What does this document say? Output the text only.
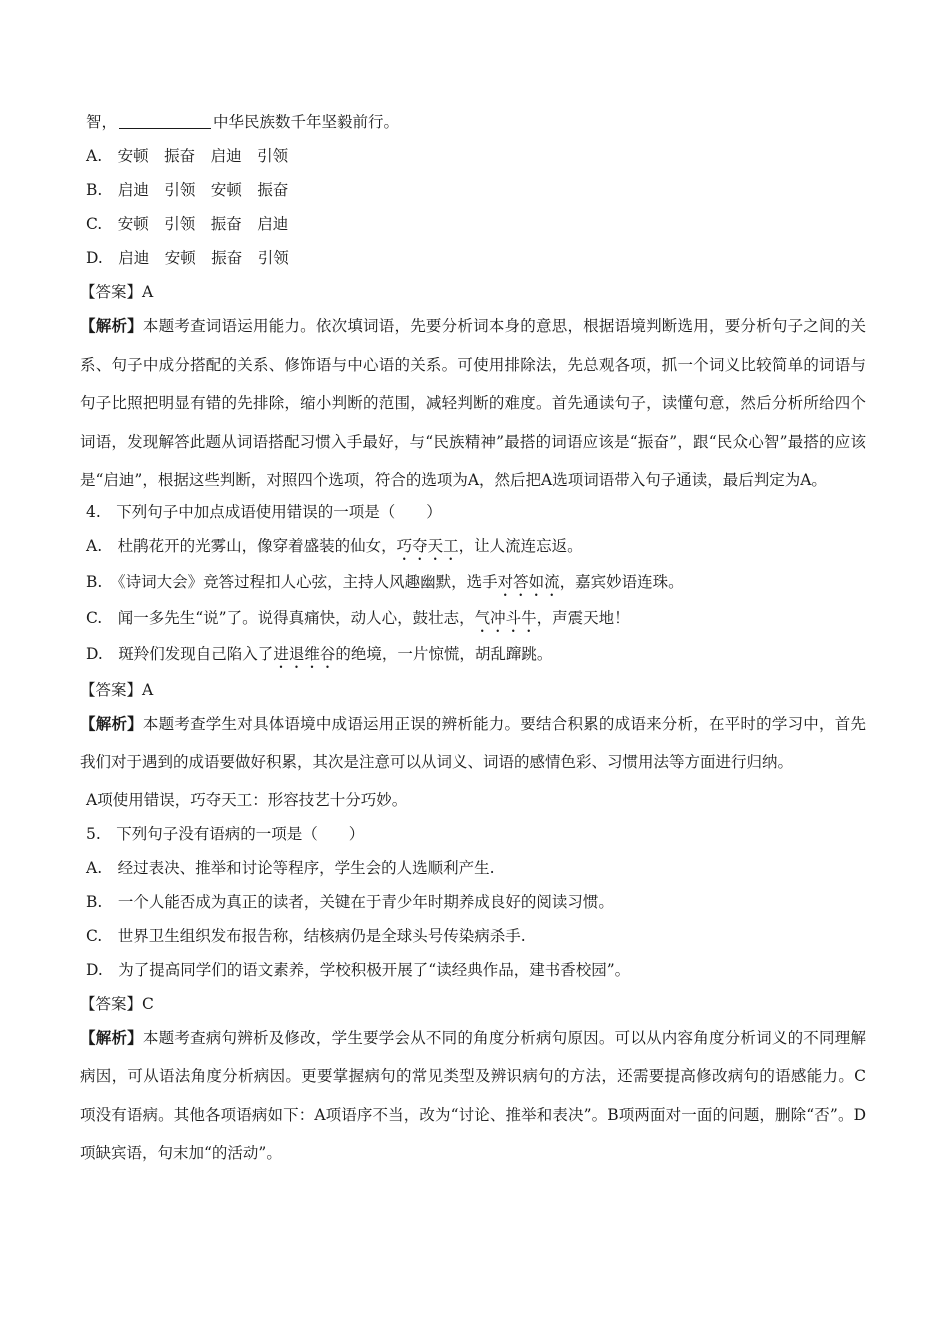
智，	中华民族数千年坚毅前行。
A.　安顿　振奋　启迪　引领
B.　启迪　引领　安顿　振奋
C.　安顿　引领　振奋　启迪
D.　启迪　安顿　振奋　引领
【答案】A

【解析】本题考查词语运用能力。依次填词语，先要分析词本身的意思，根据语境判断选用，要分析句子之间的关系、句子中成分搭配的关系、修饰语与中心语的关系。可使用排除法，先总观各项，抓一个词义比较简单的词语与句子比照把明显有错的先排除，缩小判断的范围，减轻判断的难度。首先通读句子，读懂句意，然后分析所给四个词语，发现解答此题从词语搭配习惯入手最好，与“民族精神”最搭的词语应该是“振奋”，跟“民众心智”最搭的应该是“启迪”，根据这些判断，对照四个选项，符合的选项为A，然后把A选项词语带入句子通读，最后判定为A。

4.　下列句子中加点成语使用错误的一项是（　　）
A.　杜鹃花开的光雾山，像穿着盛装的仙女，巧夺天工，让人流连忘返。
B.　《诗词大会》竞答过程扣人心弦，主持人风趣幽默，选手对答如流，嘉宾妙语连珠。
C.　闻一多先生“说”了。说得真痛快，动人心，鼓壮志，气冲斗牛，声震天地！
D.　斑羚们发现自己陷入了进退维谷的绝境，一片惊慌，胡乱蹿跳。
【答案】A

【解析】本题考查学生对具体语境中成语运用正误的辨析能力。要结合积累的成语来分析，在平时的学习中，首先我们对于遇到的成语要做好积累，其次是注意可以从词义、词语的感情色彩、习惯用法等方面进行归纳。

A项使用错误，巧夺天工：形容技艺十分巧妙。
5.　下列句子没有语病的一项是（　　）
A.　经过表决、推举和讨论等程序，学生会的人选顺利产生.
B.　一个人能否成为真正的读者，关键在于青少年时期养成良好的阅读习惯。
C.　世界卫生组织发布报告称，结核病仍是全球头号传染病杀手.
D.　为了提高同学们的语文素养，学校积极开展了“读经典作品，建书香校园”。
【答案】C

【解析】本题考查病句辨析及修改，学生要学会从不同的角度分析病句原因。可以从内容角度分析词义的不同理解病因，可从语法角度分析病因。更要掌握病句的常见类型及辨识病句的方法，还需要提高修改病句的语感能力。C项没有语病。其他各项语病如下：A项语序不当，改为“讨论、推举和表决”。B项两面对一面的问题，删除“否”。D项缺宾语，句末加“的活动”。
